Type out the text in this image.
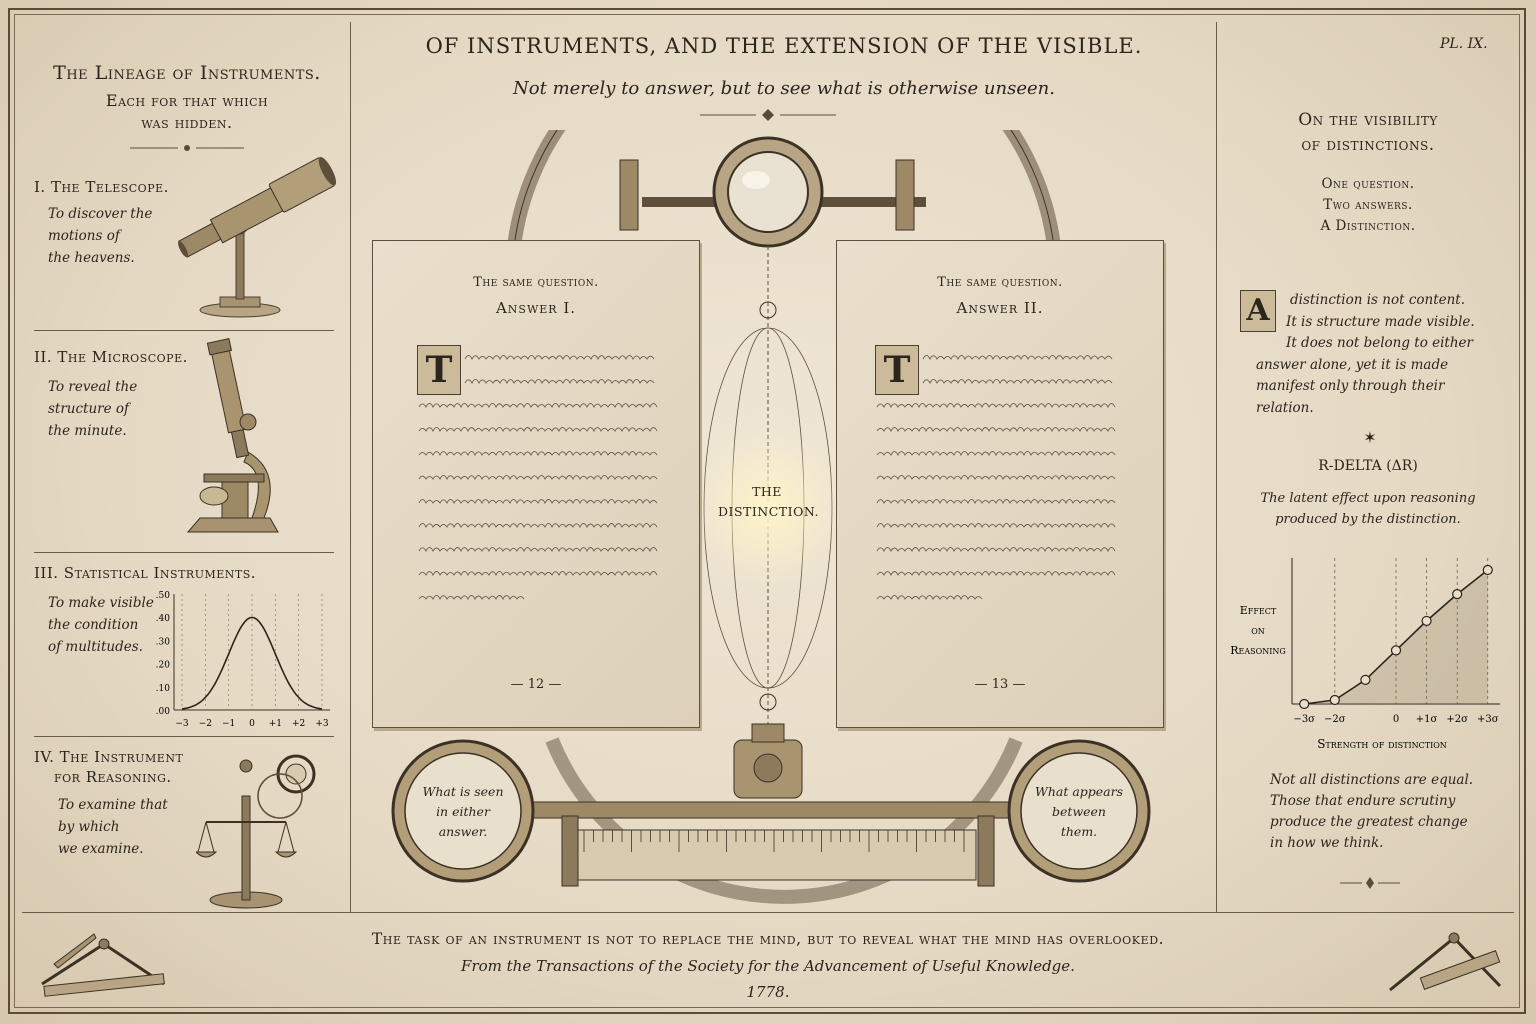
PL. IX.
OF INSTRUMENTS, AND THE EXTENSION OF THE VISIBLE.
Not merely to answer, but to see what is otherwise unseen.
The Lineage of Instruments.
Each for that which
was hidden.
I. The Telescope.
To discover the
motions of
the heavens.
II. The Microscope.
To reveal the
structure of
the minute.
III. Statistical Instruments.
To make visible
the condition
of multitudes.
.50
.40
.30
.20
.10
.00
−3 −2 −1 0 +1 +2 +3
IV. The Instrument
for Reasoning.
To examine that
by which
we examine.
What is seen
in either
answer.
What appears
between
them.
The same question.
Answer I.
T
— 12 —
The same question.
Answer II.
T
— 13 —
THE
DISTINCTION.
On the visibility
of distinctions.
One question.
Two answers.
A Distinction.
A	distinction is not content.
It is structure made visible.
It does not belong to either
answer alone, yet it is made
manifest only through their
relation.
✶
R-DELTA (ΔR)
The latent effect upon reasoning
produced by the distinction.
Effect
on
Reasoning
−3σ −2σ	0 +1σ +2σ +3σ
Strength of distinction
Not all distinctions are equal.
Those that endure scrutiny
produce the greatest change
in how we think.
The task of an instrument is not to replace the mind, but to reveal what the mind has overlooked.
From the Transactions of the Society for the Advancement of Useful Knowledge.
1778.
